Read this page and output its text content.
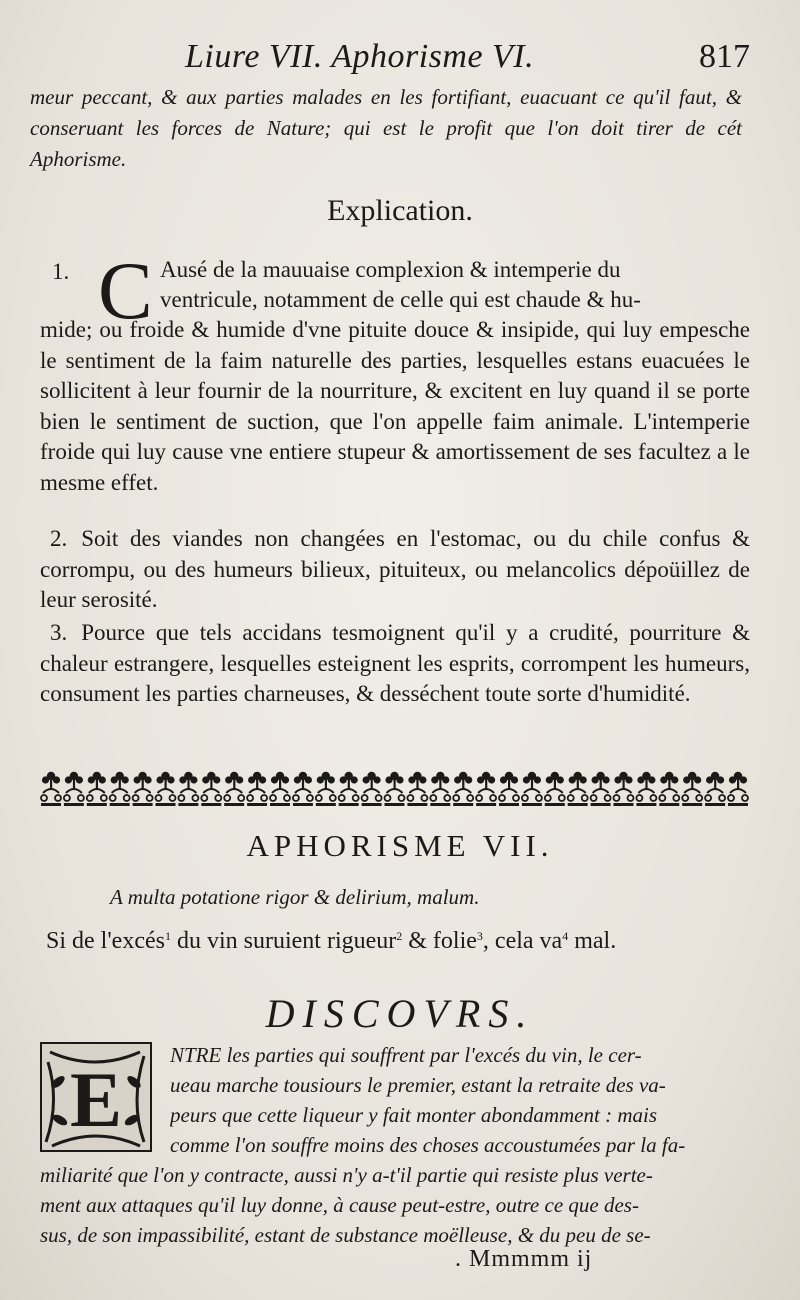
Liure VII. Aphorisme VI.	817
meur peccant, & aux parties malades en les fortifiant, euacuant ce qu'il faut, & conseruant les forces de Nature; qui est le profit que l'on doit tirer de cét Aphorisme.
Explication.
1. C Ausé de la mauuaise complexion & intemperie du
ventricule, notamment de celle qui est chaude & hu-
mide; ou froide & humide d'vne pituite douce & insipide, qui luy empesche le sentiment de la faim naturelle des parties, lesquelles estans euacuées le sollicitent à leur fournir de la nourriture, & excitent en luy quand il se porte bien le sentiment de suction, que l'on appelle faim animale. L'intemperie froide qui luy cause vne entiere stupeur & amortissement de ses facultez a le mesme effet.
2. Soit des viandes non changées en l'estomac, ou du chile confus & corrompu, ou des humeurs bilieux, pituiteux, ou melancolics dépoüillez de leur serosité.
3. Pource que tels accidans tesmoignent qu'il y a crudité, pourriture & chaleur estrangere, lesquelles esteignent les esprits, corrompent les humeurs, consument les parties charneuses, & desséchent toute sorte d'humidité.
APHORISME VII.
A multa potatione rigor & delirium, malum.
Si de l'excés$^1$ du vin suruient rigueur$^2$ & folie$^3$, cela $va^4$ mal.
DISCOVRS.
E
NTRE les parties qui souffrent par l'excés du vin, le cer-
ueau marche tousiours le premier, estant la retraite des va-
peurs que cette liqueur y fait monter abondamment : mais
comme l'on souffre moins des choses accoustumées par la fa-
miliarité que l'on y contracte, aussi n'y a-t'il partie qui resiste plus verte-
ment aux attaques qu'il luy donne, à cause peut-estre, outre ce que des-
sus, de son impassibilité, estant de substance moëlleuse, & du peu de se-
. Mmmmm ij
